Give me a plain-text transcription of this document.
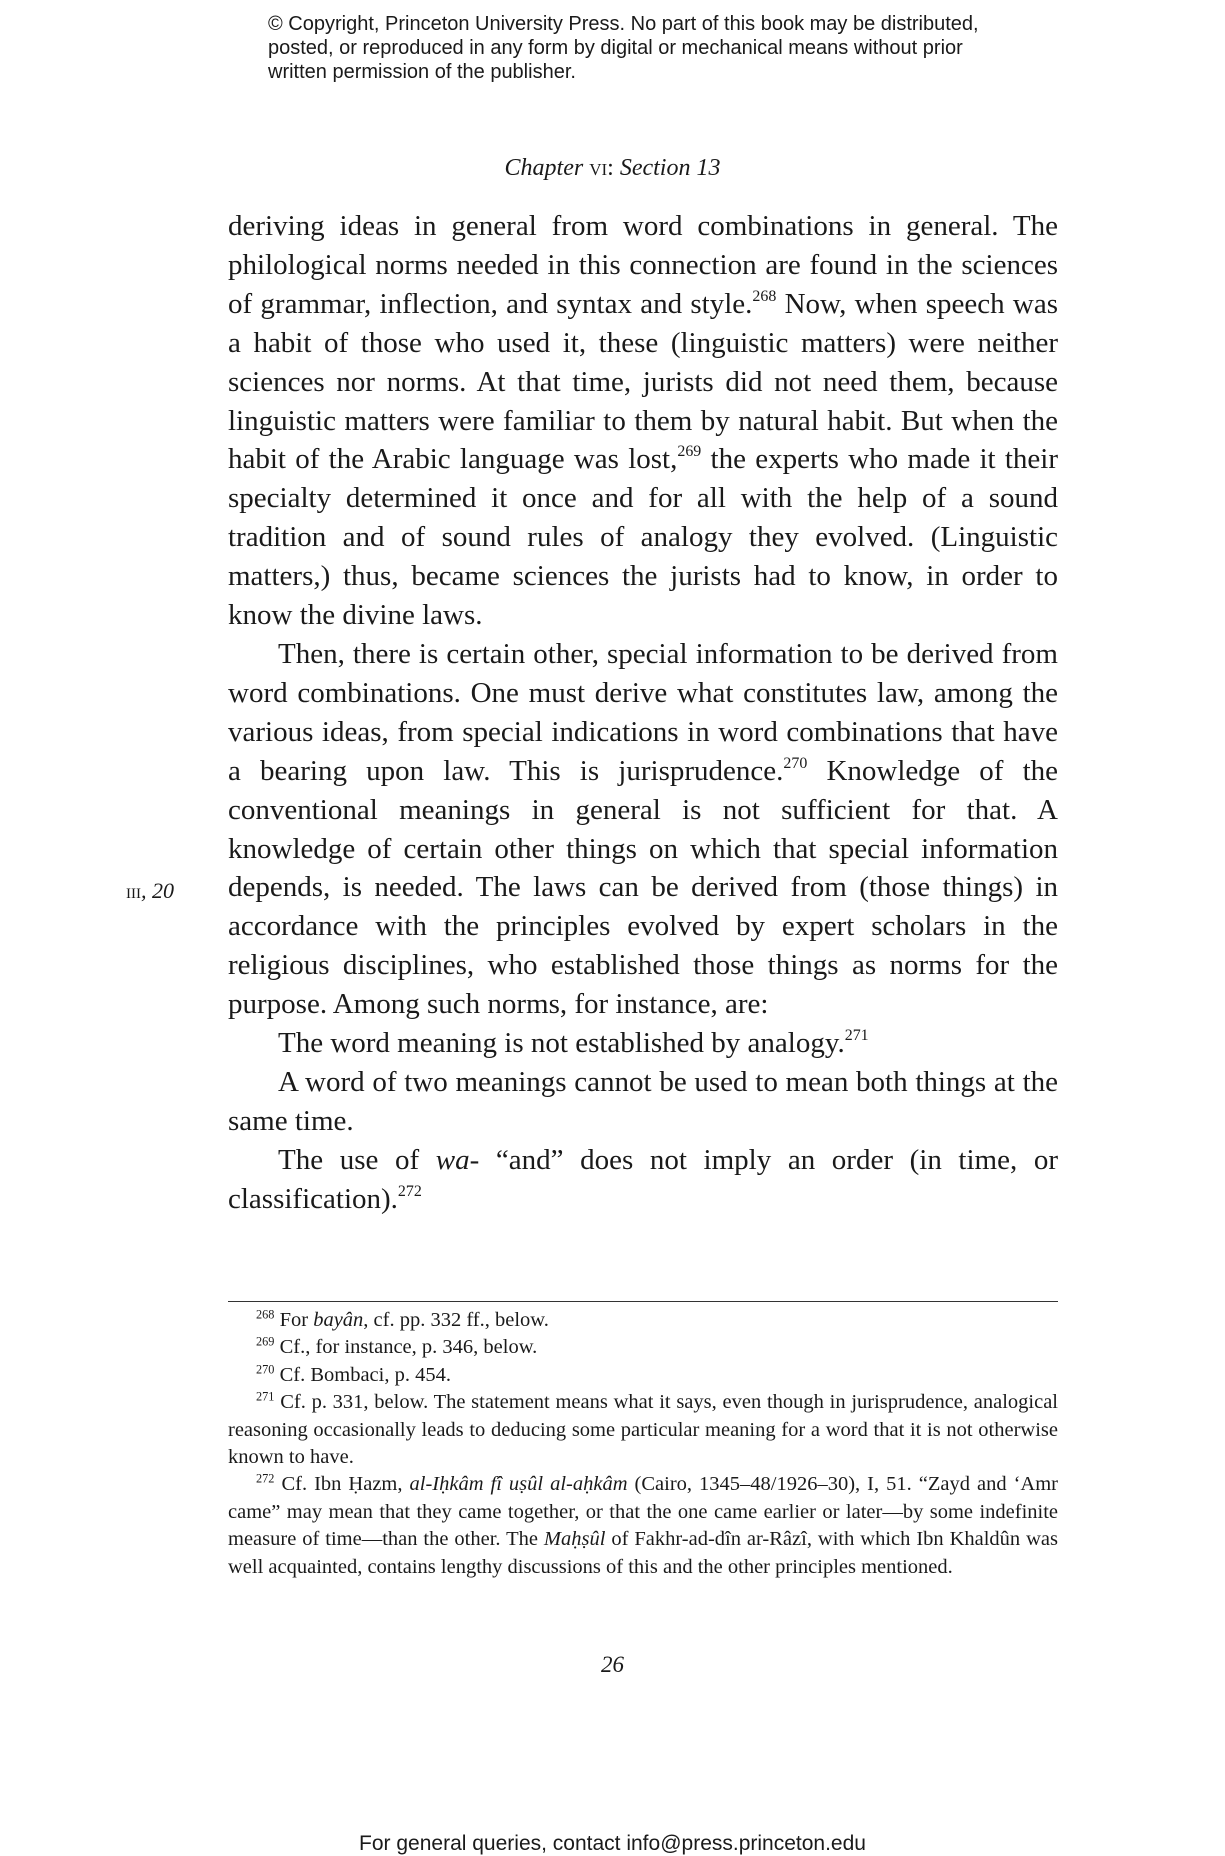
© Copyright, Princeton University Press. No part of this book may be distributed, posted, or reproduced in any form by digital or mechanical means without prior written permission of the publisher.
Chapter vi: Section 13
iii, 20

deriving ideas in general from word combinations in general. The philological norms needed in this connection are found in the sciences of grammar, inflection, and syntax and style.$^{268}$ Now, when speech was a habit of those who used it, these (linguistic matters) were neither sciences nor norms. At that time, jurists did not need them, because linguistic matters were familiar to them by natural habit. But when the habit of the Arabic language was lost,$^{269}$ the experts who made it their specialty determined it once and for all with the help of a sound tradition and of sound rules of analogy they evolved. (Linguistic matters,) thus, became sciences the jurists had to know, in order to know the divine laws.

Then, there is certain other, special information to be derived from word combinations. One must derive what constitutes law, among the various ideas, from special indications in word combinations that have a bearing upon law. This is jurisprudence.$^{270}$ Knowledge of the conventional meanings in general is not sufficient for that. A knowledge of certain other things on which that special information depends, is needed. The laws can be derived from (those things) in accordance with the principles evolved by expert scholars in the religious disciplines, who established those things as norms for the purpose. Among such norms, for instance, are:

The word meaning is not established by analogy.$^{271}$

A word of two meanings cannot be used to mean both things at the same time.

The use of wa- “and” does not imply an order (in time, or classification).$^{272}$

$^{268}$ For bayân, cf. pp. 332 ff., below.

$^{269}$ Cf., for instance, p. 346, below.

$^{270}$ Cf. Bombaci, p. 454.

$^{271}$ Cf. p. 331, below. The statement means what it says, even though in jurisprudence, analogical reasoning occasionally leads to deducing some particular meaning for a word that it is not otherwise known to have.

$^{272}$ Cf. Ibn Ḥazm, al-Iḥkâm fî uṣûl al-aḥkâm (Cairo, 1345–48/1926–30), I, 51. “Zayd and ‘Amr came” may mean that they came together, or that the one came earlier or later—by some indefinite measure of time—than the other. The Maḥṣûl of Fakhr-ad-dîn ar-Râzî, with which Ibn Khaldûn was well acquainted, contains lengthy discussions of this and the other principles mentioned.

26
For general queries, contact info@press.princeton.edu
